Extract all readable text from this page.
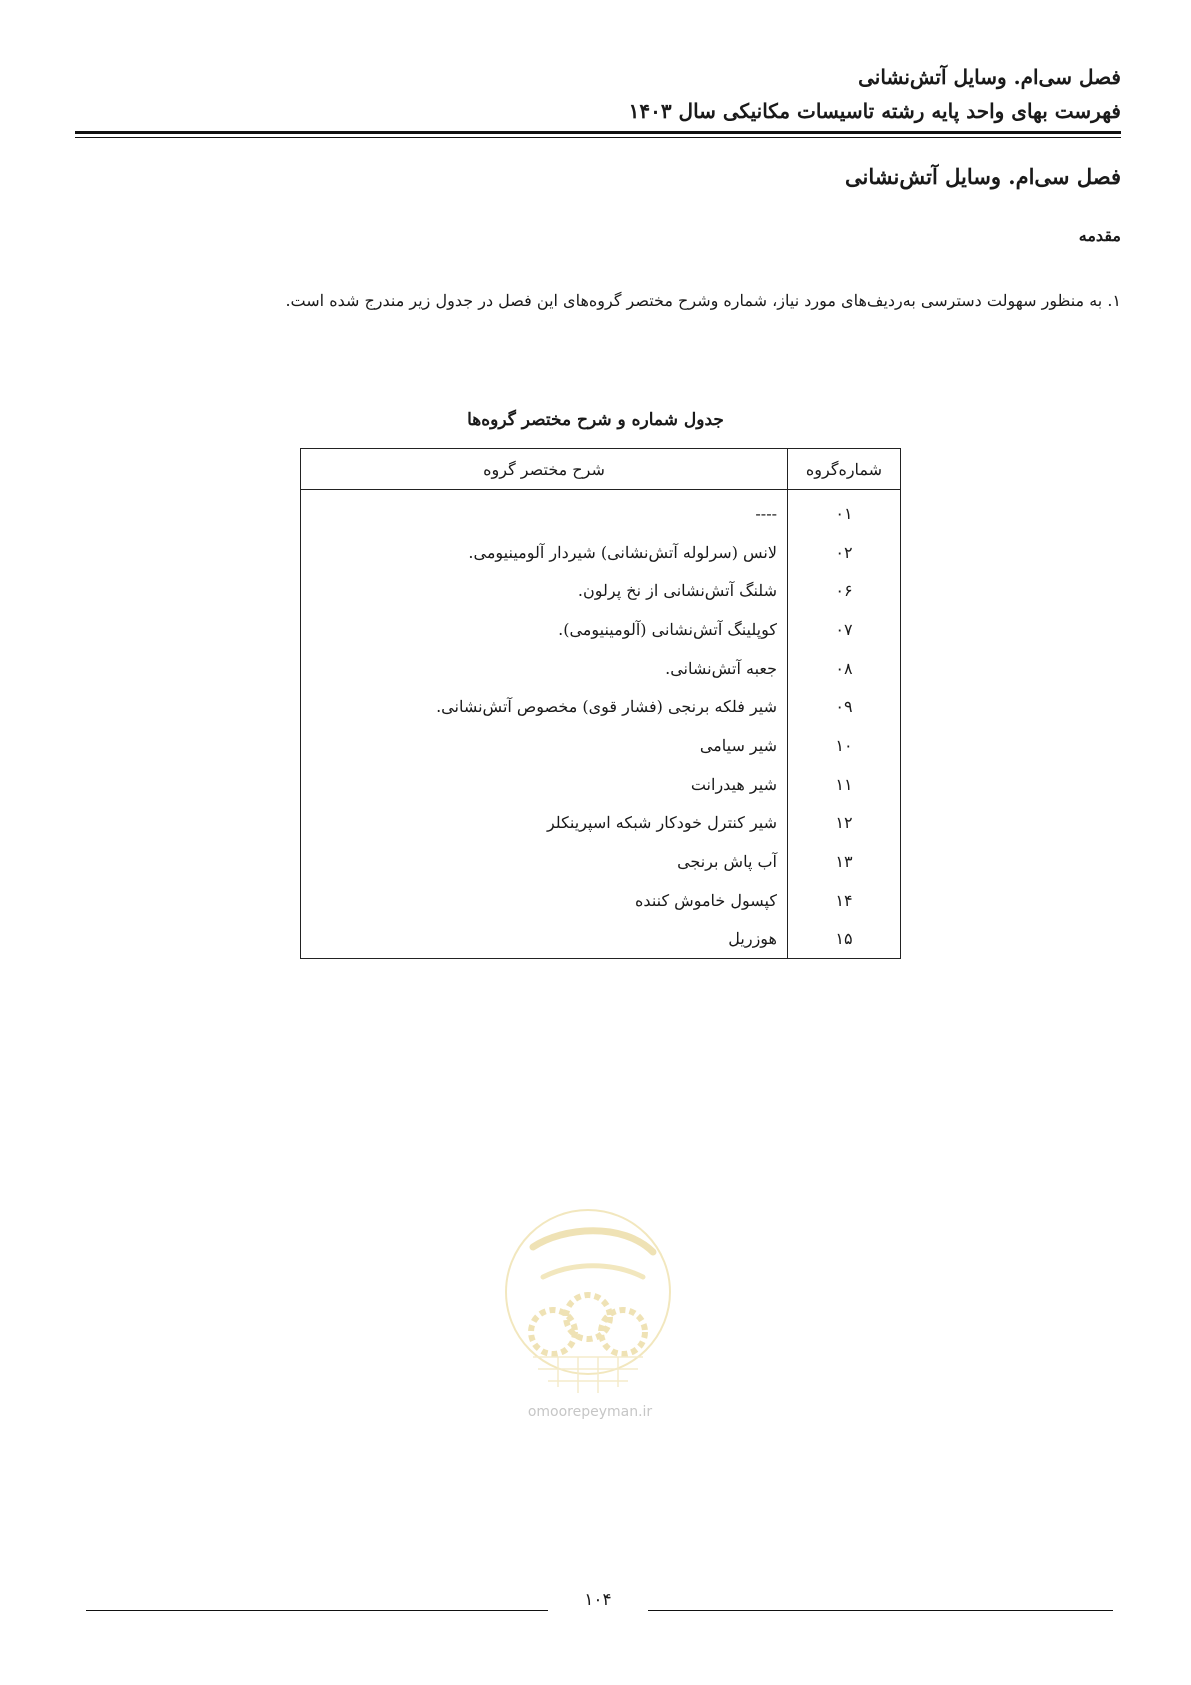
فصل سی‌ام. وسایل آتش‌نشانی
فهرست بهای واحد پایه رشته تاسیسات مکانیکی سال ۱۴۰۳
فصل سی‌ام. وسایل آتش‌نشانی
مقدمه
۱. به منظور سهولت دسترسی به‌ردیف‌های مورد نیاز، شماره وشرح مختصر گروه‌های این فصل در جدول زیر مندرج شده است.
جدول شماره و شرح مختصر گروه‌ها
شماره‌گروه	شرح مختصر گروه
۰۱	----
۰۲	لانس (سرلوله آتش‌نشانی) شیردار آلومینیومی.
۰۶	شلنگ آتش‌نشانی از نخ پرلون.
۰۷	کوپلینگ آتش‌نشانی (آلومینیومی).
۰۸	جعبه آتش‌نشانی.
۰۹	شیر فلکه برنجی (فشار قوی) مخصوص آتش‌نشانی.
۱۰	شیر سیامی
۱۱	شیر هیدرانت
۱۲	شیر کنترل خودکار شبکه اسپرینکلر
۱۳	آب پاش برنجی
۱۴	کپسول خاموش کننده
۱۵	هوزریل
omoorepeyman.ir
۱۰۴
